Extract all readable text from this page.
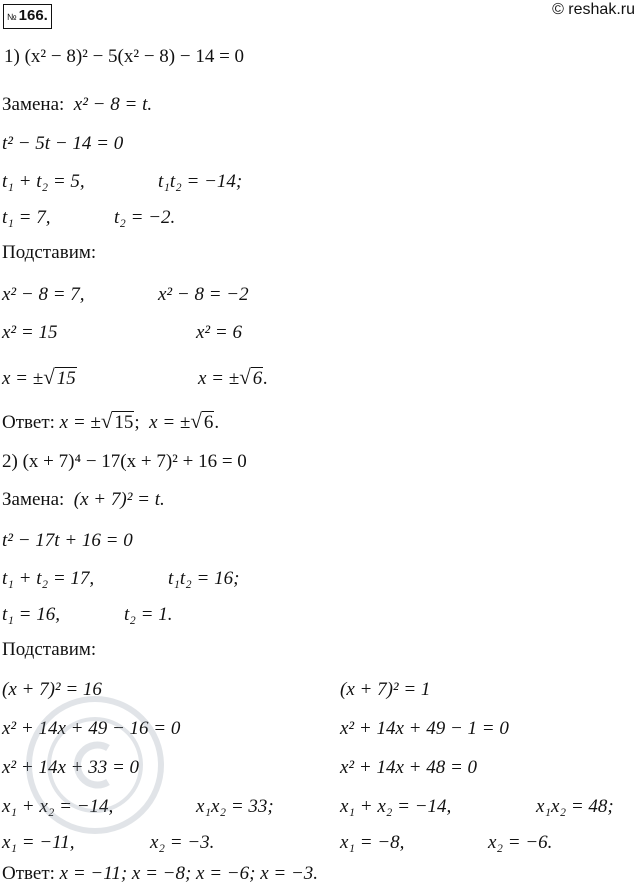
№ 166.	© reshak.ru
1) (x² − 8)² − 5(x² − 8) − 14 = 0
Замена: x² − 8 = t.
t² − 5t − 14 = 0
t₁ + t₂ = 5,	t₁t₂ = −14;
t₁ = 7,	t₂ = −2.
Подставим:
x² − 8 = 7,	x² − 8 = −2
x² = 15	x² = 6
x = ±√ 15	x = ±√ 6.
Ответ: x = ±√ 15; x = ±√ 6.
2) (x + 7)⁴ − 17(x + 7)² + 16 = 0
Замена: (x + 7)² = t.
t² − 17t + 16 = 0
t₁ + t₂ = 17,	t₁t₂ = 16;
t₁ = 16,	t₂ = 1.
Подставим:
(x + 7)² = 16	(x + 7)² = 1
x² + 14x + 49 − 16 = 0	x² + 14x + 49 − 1 = 0
x² + 14x + 33 = 0	x² + 14x + 48 = 0
x₁ + x₂ = −14,	x₁x₂ = 33;	x₁ + x₂ = −14,	x₁x₂ = 48;
x₁ = −11,	x₂ = −3.	x₁ = −8,	x₂ = −6.
Ответ: x = −11; x = −8; x = −6; x = −3.
